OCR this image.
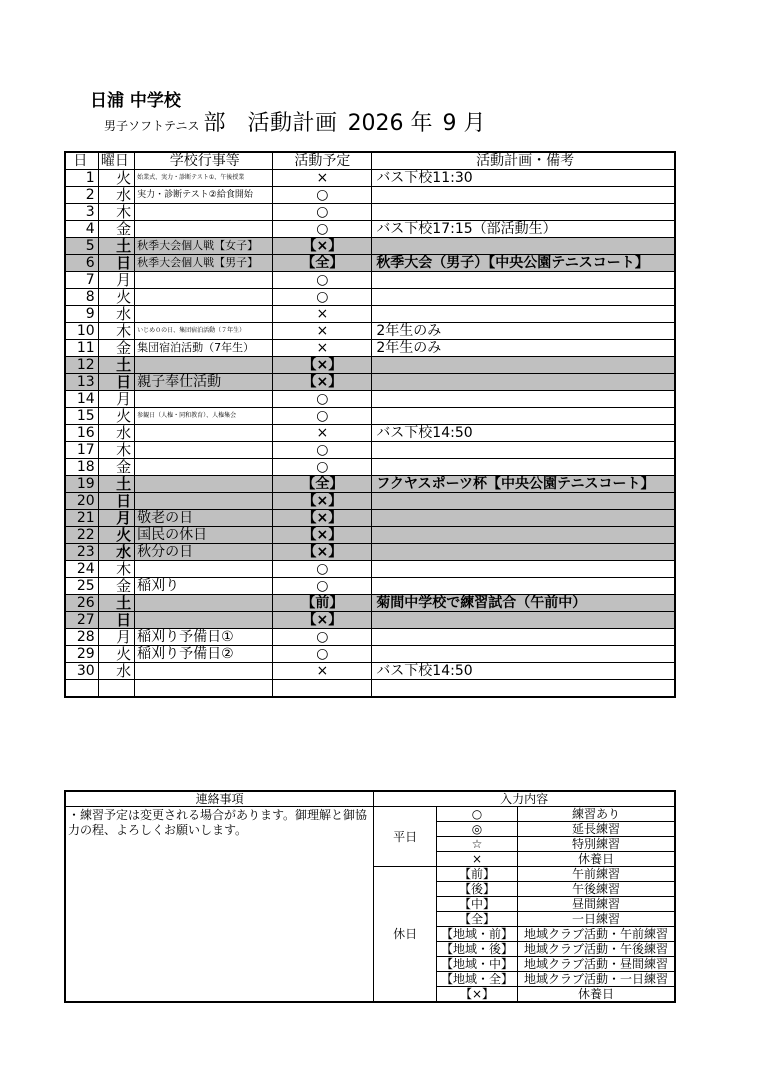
日浦 中学校
男子ソフトテニス 部 活動計画 2026 年 9 月
日	曜日	学校行事等	活動予定	活動計画・備考
1	火	始業式、実力・診断テスト①、午後授業	×	バス下校11:30
2	水	実力・診断テスト②給食開始	○	
3	木		○	
4	金		○	バス下校17:15（部活動生）
5	土	秋季大会個人戦【女子】	【×】	
6	日	秋季大会個人戦【男子】	【全】	秋季大会（男子）【中央公園テニスコート】
7	月		○	
8	火		○	
9	水		×	
10	木	いじめ０の日、集団宿泊活動（７年生）	×	2年生のみ
11	金	集団宿泊活動（7年生）	×	2年生のみ
12	土		【×】	
13	日	親子奉仕活動	【×】	
14	月		○	
15	火	参観日（人権・同和教育）、人権集会	○	
16	水		×	バス下校14:50
17	木		○	
18	金		○	
19	土		【全】	フクヤスポーツ杯【中央公園テニスコート】
20	日		【×】	
21	月	敬老の日	【×】	
22	火	国民の休日	【×】	
23	水	秋分の日	【×】	
24	木		○	
25	金	稲刈り	○	
26	土		【前】	菊間中学校で練習試合（午前中）
27	日		【×】	
28	月	稲刈り予備日①	○	
29	火	稲刈り予備日②	○	
30	水		×	バス下校14:50

連絡事項	入力内容		
・練習予定は変更される場合があります。御理解と御協力の程、よろしくお願いします。	平日	○	練習あり
		◎	延長練習
		☆	特別練習
		×	休養日
	休日	【前】	午前練習
		【後】	午後練習
		【中】	昼間練習
		【全】	一日練習
		【地域・前】	地域クラブ活動・午前練習
		【地域・後】	地域クラブ活動・午後練習
		【地域・中】	地域クラブ活動・昼間練習
		【地域・全】	地域クラブ活動・一日練習
		【×】	休養日
